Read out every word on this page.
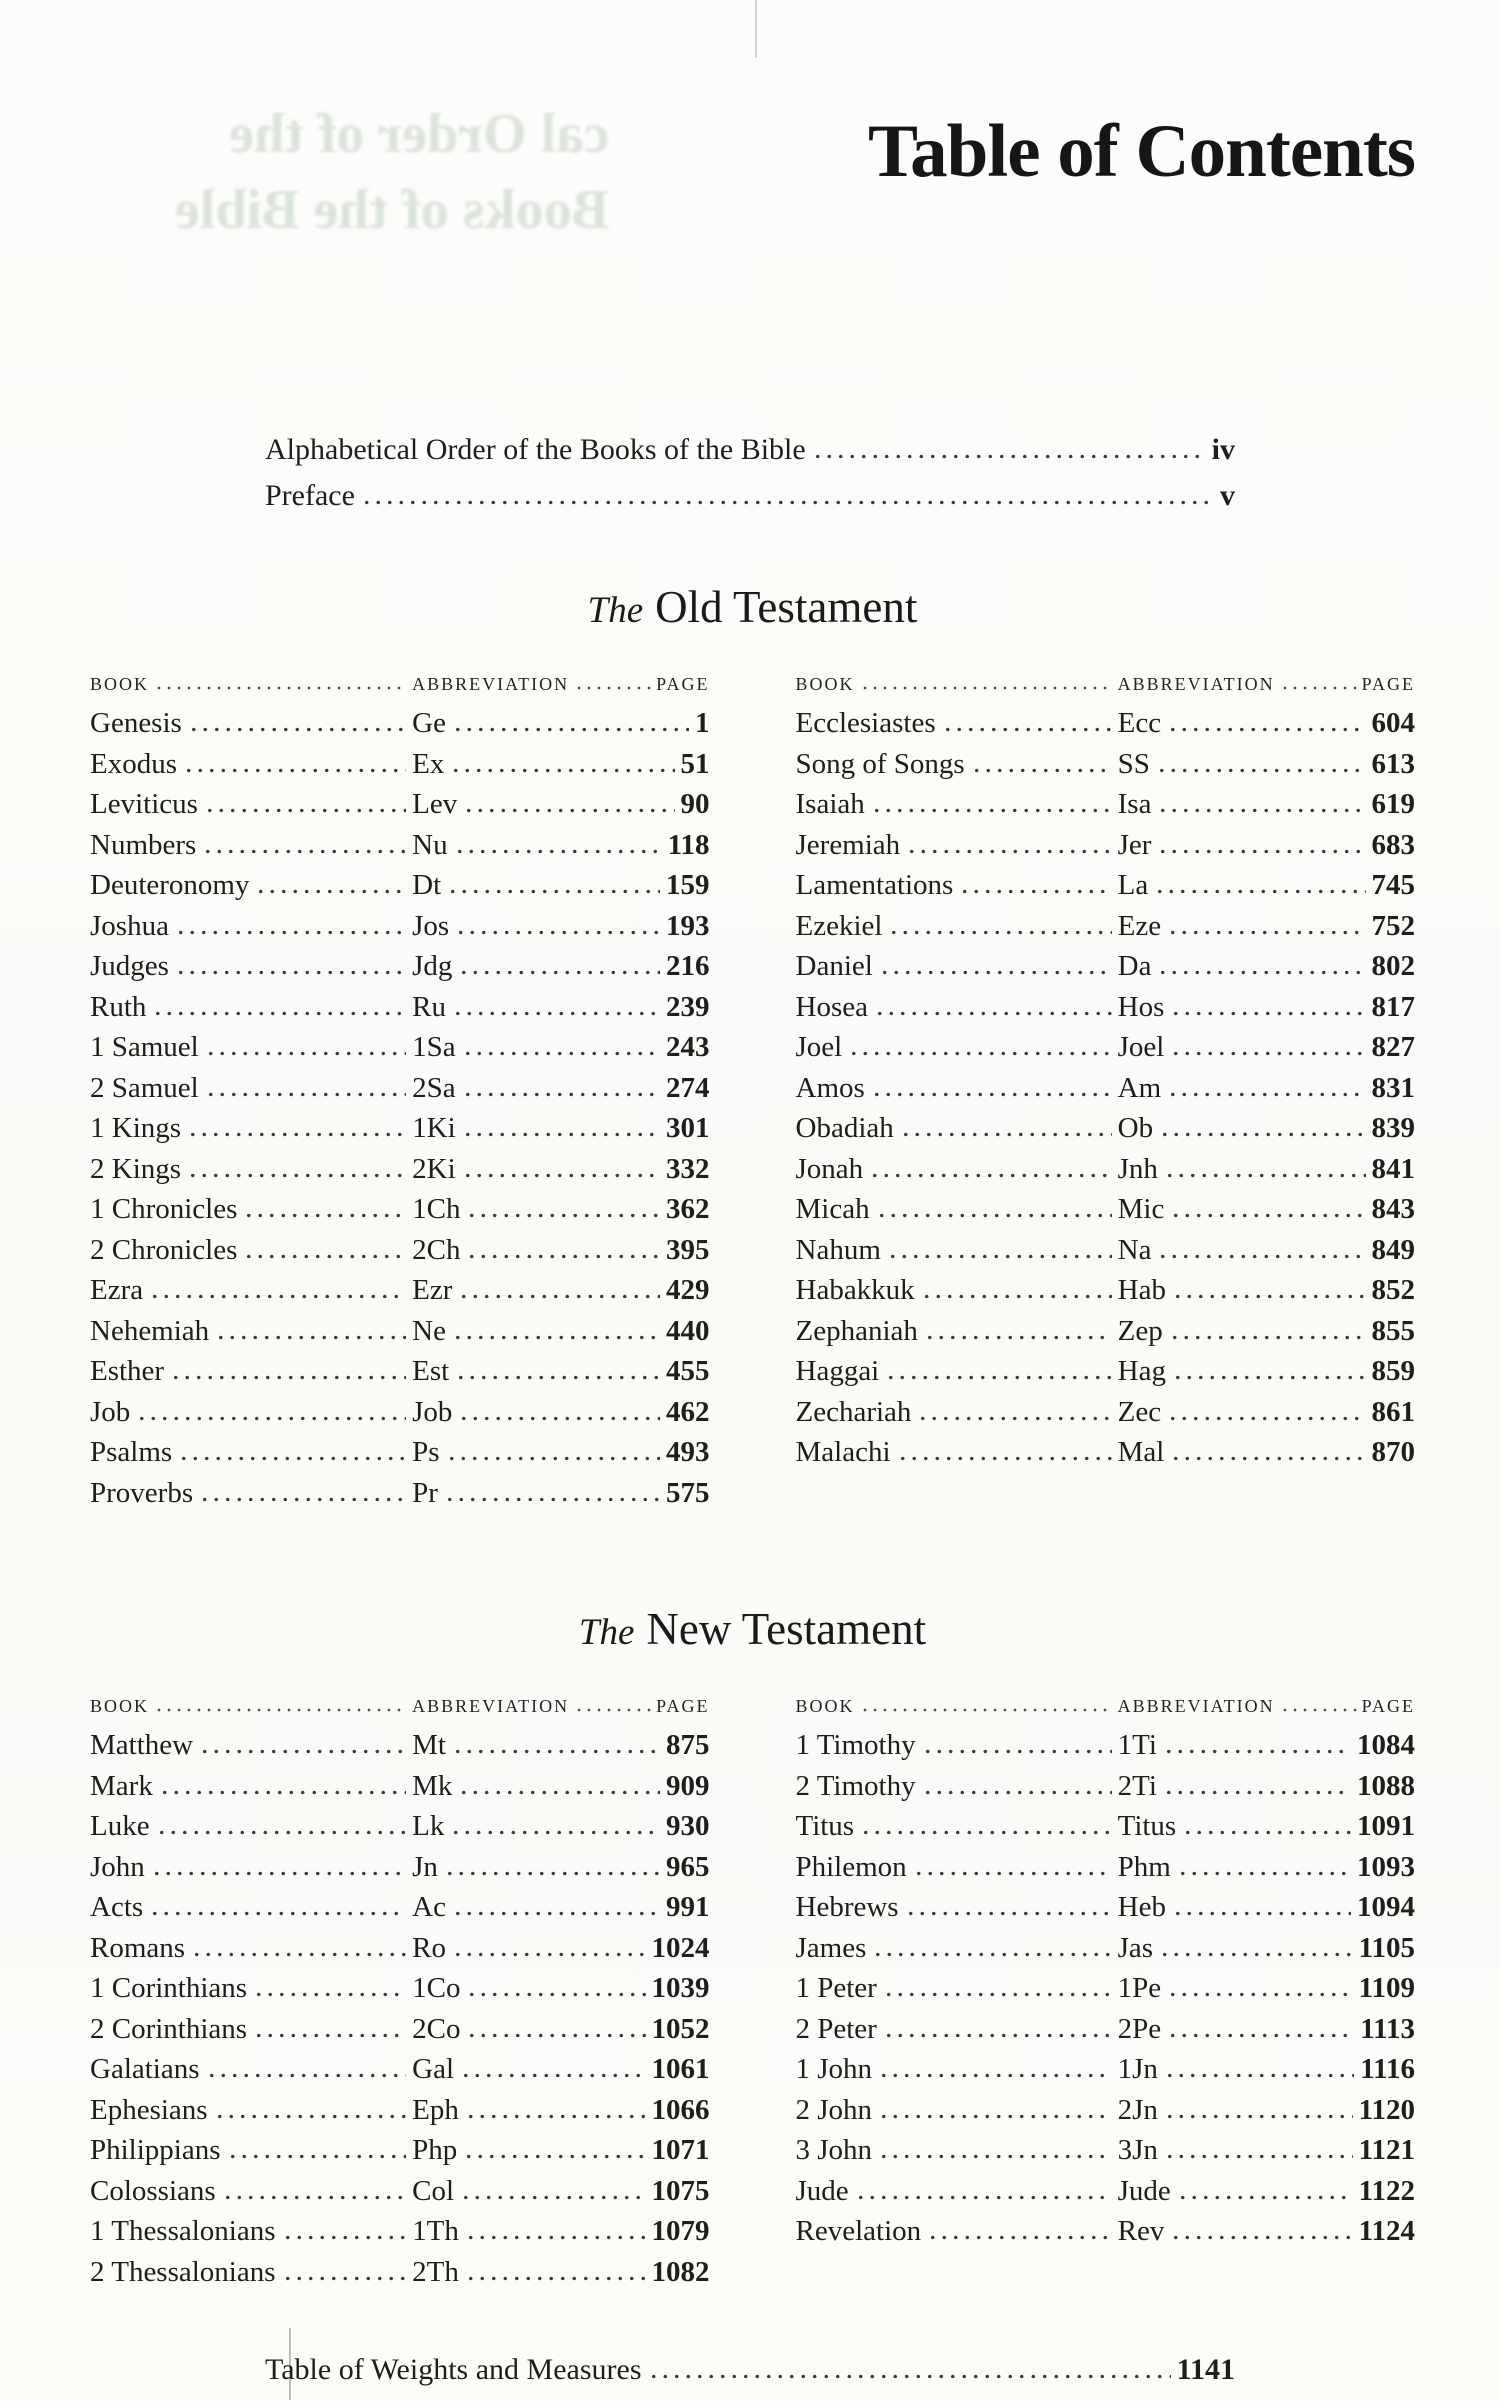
cal Order of the
Books of the Bible
Table of Contents
Alphabetical Order of the Books of the Bible	iv
Preface	v
The Old Testament
BOOK	ABBREVIATION	PAGE
Genesis	Ge	1
Exodus	Ex	51
Leviticus	Lev	90
Numbers	Nu	118
Deuteronomy	Dt	159
Joshua	Jos	193
Judges	Jdg	216
Ruth	Ru	239
1 Samuel	1Sa	243
2 Samuel	2Sa	274
1 Kings	1Ki	301
2 Kings	2Ki	332
1 Chronicles	1Ch	362
2 Chronicles	2Ch	395
Ezra	Ezr	429
Nehemiah	Ne	440
Esther	Est	455
Job	Job	462
Psalms	Ps	493
Proverbs	Pr	575
BOOK	ABBREVIATION	PAGE
Ecclesiastes	Ecc	604
Song of Songs	SS	613
Isaiah	Isa	619
Jeremiah	Jer	683
Lamentations	La	745
Ezekiel	Eze	752
Daniel	Da	802
Hosea	Hos	817
Joel	Joel	827
Amos	Am	831
Obadiah	Ob	839
Jonah	Jnh	841
Micah	Mic	843
Nahum	Na	849
Habakkuk	Hab	852
Zephaniah	Zep	855
Haggai	Hag	859
Zechariah	Zec	861
Malachi	Mal	870
The New Testament
BOOK	ABBREVIATION	PAGE
Matthew	Mt	875
Mark	Mk	909
Luke	Lk	930
John	Jn	965
Acts	Ac	991
Romans	Ro	1024
1 Corinthians	1Co	1039
2 Corinthians	2Co	1052
Galatians	Gal	1061
Ephesians	Eph	1066
Philippians	Php	1071
Colossians	Col	1075
1 Thessalonians	1Th	1079
2 Thessalonians	2Th	1082
BOOK	ABBREVIATION	PAGE
1 Timothy	1Ti	1084
2 Timothy	2Ti	1088
Titus	Titus	1091
Philemon	Phm	1093
Hebrews	Heb	1094
James	Jas	1105
1 Peter	1Pe	1109
2 Peter	2Pe	1113
1 John	1Jn	1116
2 John	2Jn	1120
3 John	3Jn	1121
Jude	Jude	1122
Revelation	Rev	1124
Table of Weights and Measures	1141
